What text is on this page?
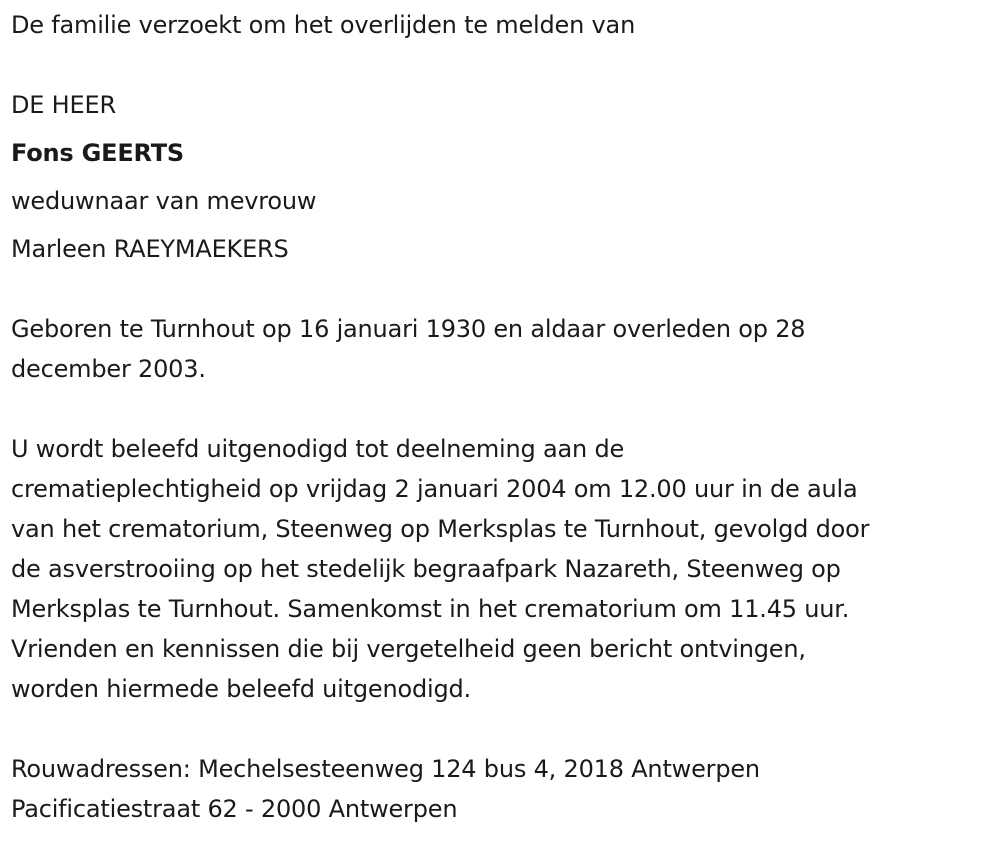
De familie verzoekt om het overlijden te melden van
DE HEER
Fons GEERTS
weduwnaar van mevrouw
Marleen RAEYMAEKERS
Geboren te Turnhout op 16 januari 1930 en aldaar overleden op 28
december 2003.
U wordt beleefd uitgenodigd tot deelneming aan de
crematieplechtigheid op vrijdag 2 januari 2004 om 12.00 uur in de aula
van het crematorium, Steenweg op Merksplas te Turnhout, gevolgd door
de asverstrooiing op het stedelijk begraafpark Nazareth, Steenweg op
Merksplas te Turnhout. Samenkomst in het crematorium om 11.45 uur.
Vrienden en kennissen die bij vergetelheid geen bericht ontvingen,
worden hiermede beleefd uitgenodigd.
Rouwadressen: Mechelsesteenweg 124 bus 4, 2018 Antwerpen
Pacificatiestraat 62 - 2000 Antwerpen
